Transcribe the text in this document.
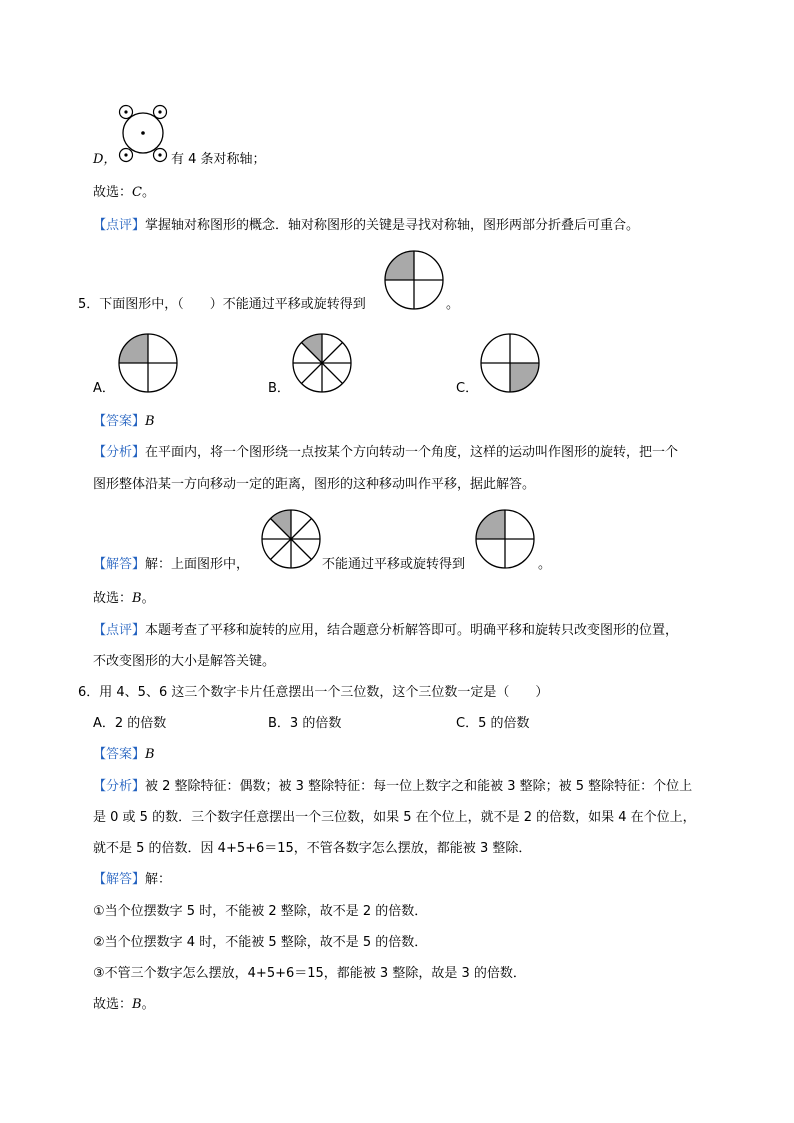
D，	有 4 条对称轴；
故选：C。
【点评】掌握轴对称图形的概念．轴对称图形的关键是寻找对称轴，图形两部分折叠后可重合。
5．下面图形中，（　　）不能通过平移或旋转得到	。
A．	B．	C．
【答案】B
【分析】在平面内，将一个图形绕一点按某个方向转动一个角度，这样的运动叫作图形的旋转，把一个
图形整体沿某一方向移动一定的距离，图形的这种移动叫作平移，据此解答。
【解答】解：上面图形中，	不能通过平移或旋转得到	。
故选：B。
【点评】本题考查了平移和旋转的应用，结合题意分析解答即可。明确平移和旋转只改变图形的位置，
不改变图形的大小是解答关键。
6．用 4、5、6 这三个数字卡片任意摆出一个三位数，这个三位数一定是（　　）
A．2 的倍数	B．3 的倍数	C．5 的倍数
【答案】B
【分析】被 2 整除特征：偶数；被 3 整除特征：每一位上数字之和能被 3 整除；被 5 整除特征：个位上
是 0 或 5 的数．三个数字任意摆出一个三位数，如果 5 在个位上，就不是 2 的倍数，如果 4 在个位上，
就不是 5 的倍数．因 4+5+6＝15，不管各数字怎么摆放，都能被 3 整除．
【解答】解：
①当个位摆数字 5 时，不能被 2 整除，故不是 2 的倍数．
②当个位摆数字 4 时，不能被 5 整除，故不是 5 的倍数．
③不管三个数字怎么摆放，4+5+6＝15，都能被 3 整除，故是 3 的倍数．
故选：B。
